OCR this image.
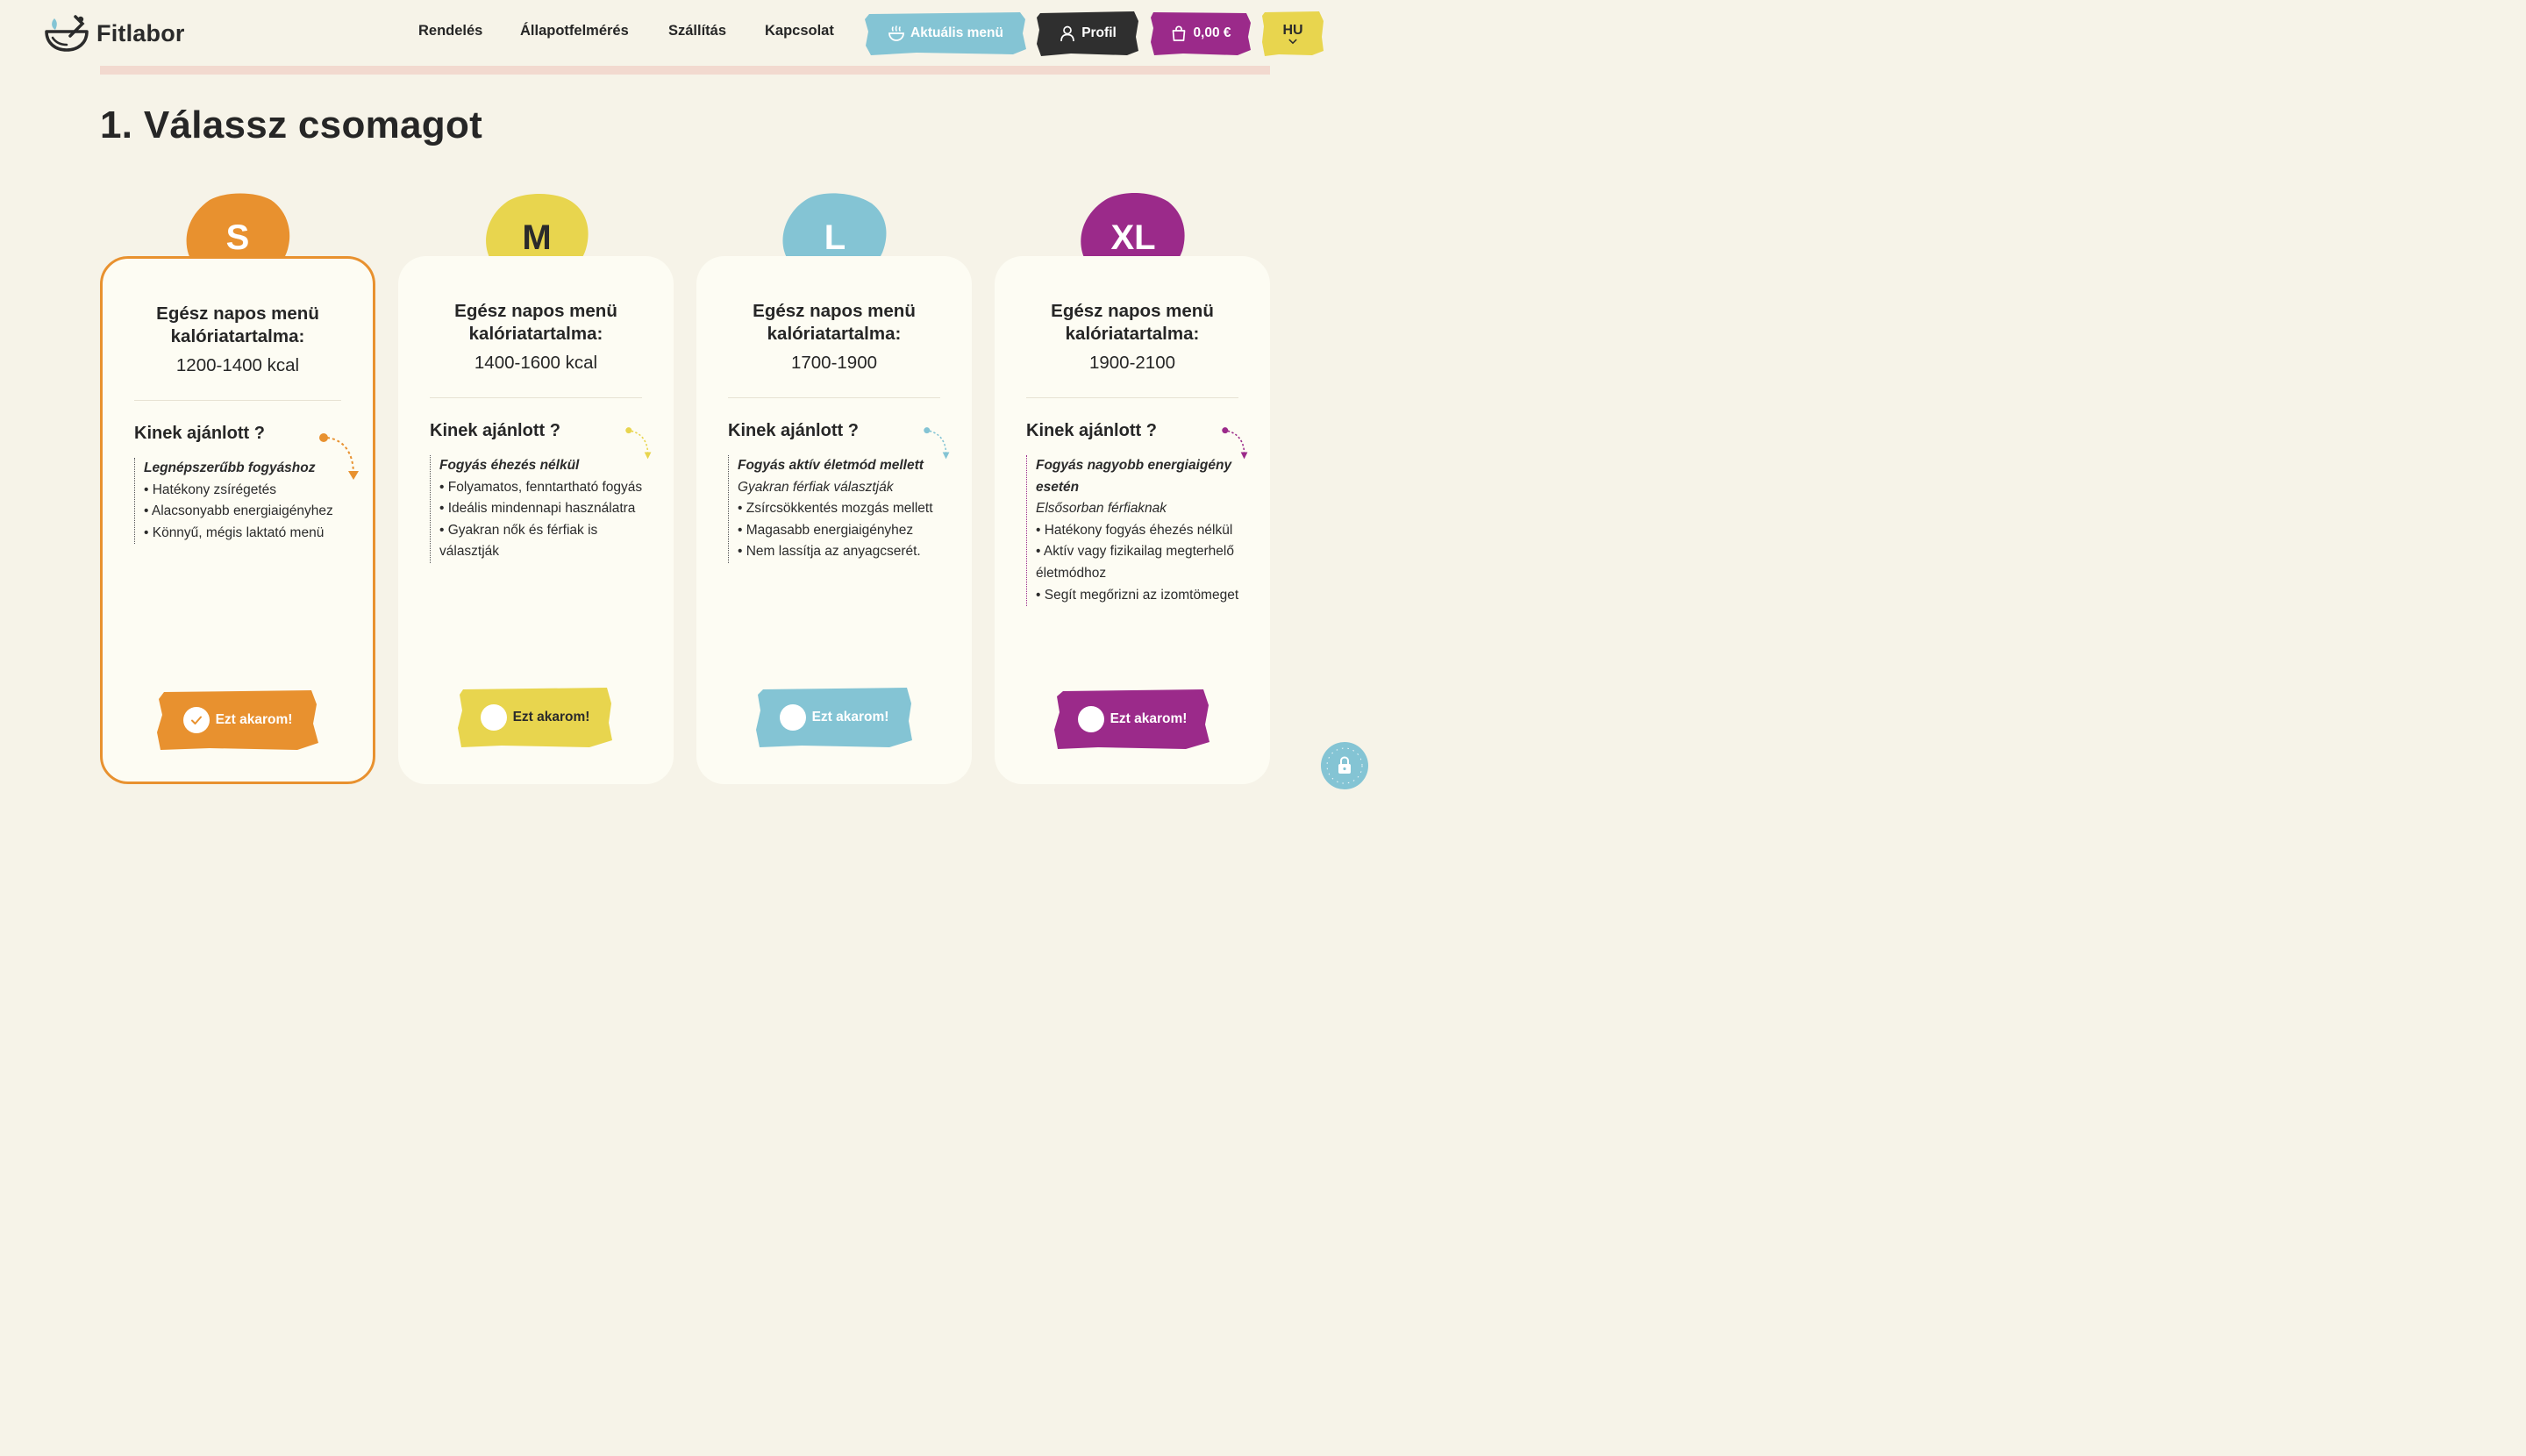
Fitlabor	Rendelés	Állapotfelmérés	Szállítás	Kapcsolat	Aktuális menü	Profil	0,00 €	HU
1. Válassz csomagot
S	M	L	XL
Egész napos menü
kalóriatartalma:
1200-1400 kcal
Kinek ajánlott ?
Legnépszerűbb fogyáshoz
• Hatékony zsírégetés
• Alacsonyabb energiaigényhez
• Könnyű, mégis laktató menü
Ezt akarom!
Egész napos menü
kalóriatartalma:
1400-1600 kcal
Kinek ajánlott ?
Fogyás éhezés nélkül
• Folyamatos, fenntartható fogyás
• Ideális mindennapi használatra
• Gyakran nők és férfiak is választják
Ezt akarom!
Egész napos menü
kalóriatartalma:
1700-1900
Kinek ajánlott ?
Fogyás aktív életmód mellett
Gyakran férfiak választják
• Zsírcsökkentés mozgás mellett
• Magasabb energiaigényhez
• Nem lassítja az anyagcserét.
Ezt akarom!
Egész napos menü
kalóriatartalma:
1900-2100
Kinek ajánlott ?
Fogyás nagyobb energiaigény esetén
Elsősorban férfiaknak
• Hatékony fogyás éhezés nélkül
• Aktív vagy fizikailag megterhelő életmódhoz
• Segít megőrizni az izomtömeget
Ezt akarom!
